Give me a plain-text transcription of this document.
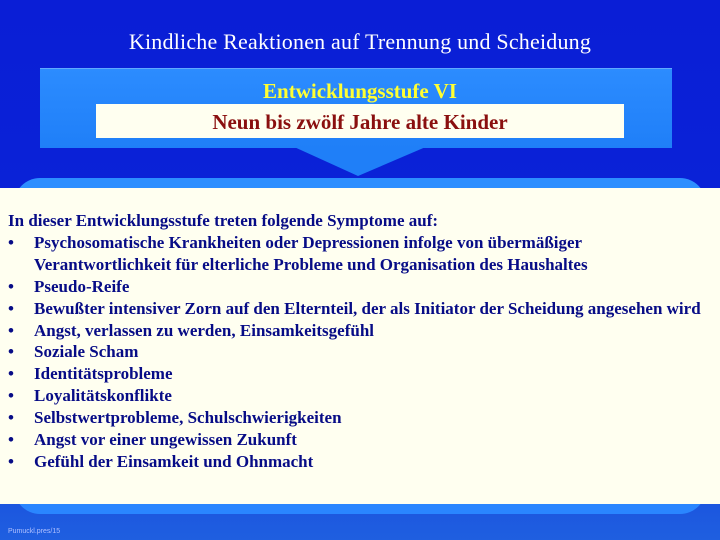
Kindliche Reaktionen auf Trennung und Scheidung
Entwicklungsstufe VI
Neun bis zwölf Jahre alte Kinder
In dieser Entwicklungsstufe treten folgende Symptome auf:
• Psychosomatische Krankheiten oder Depressionen infolge von übermäßiger Verantwortlichkeit für elterliche Probleme und Organisation des Haushaltes
• Pseudo-Reife
• Bewußter intensiver Zorn auf den Elternteil, der als Initiator der Scheidung angesehen wird
• Angst, verlassen zu werden, Einsamkeitsgefühl
• Soziale Scham
• Identitätsprobleme
• Loyalitätskonflikte
• Selbstwertprobleme, Schulschwierigkeiten
• Angst vor einer ungewissen Zukunft
• Gefühl der Einsamkeit und Ohnmacht
Pumuckl.pres/15
